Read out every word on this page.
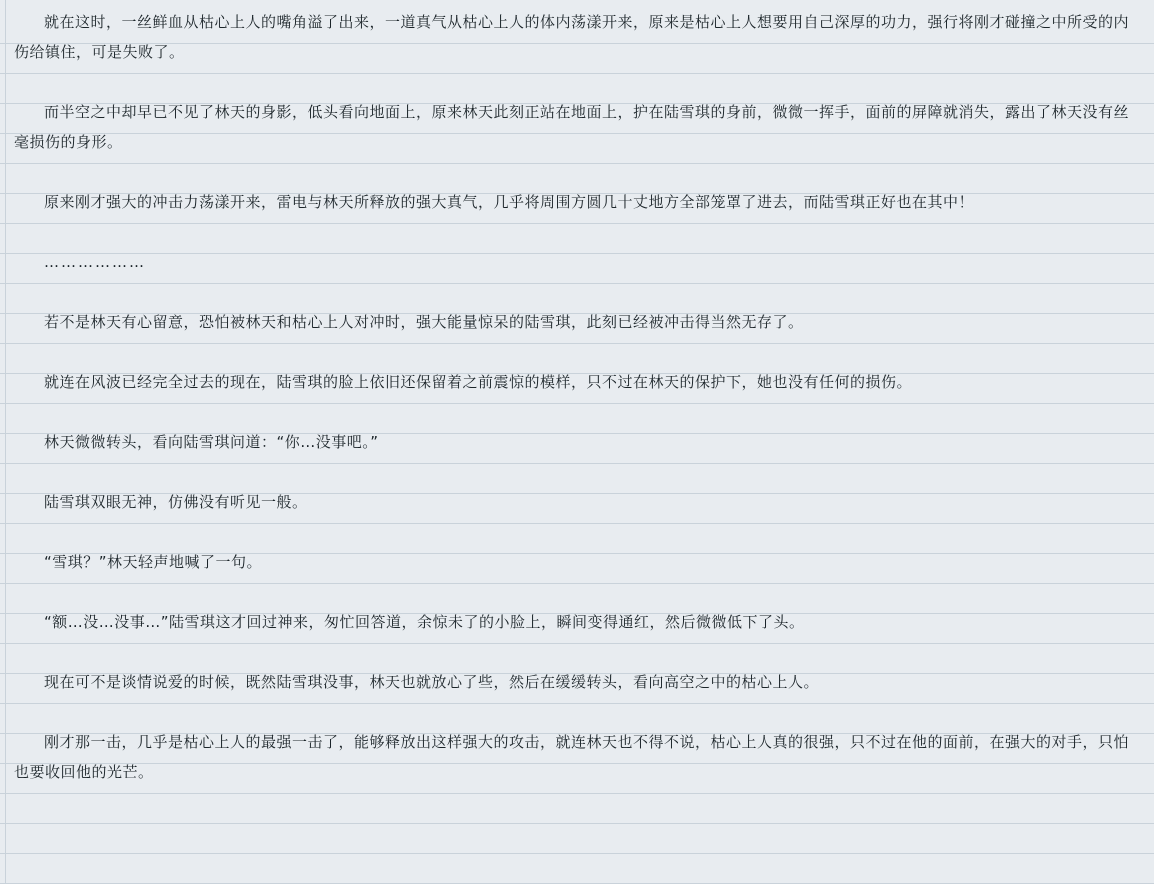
就在这时，一丝鲜血从枯心上人的嘴角溢了出来，一道真气从枯心上人的体内荡漾开来，原来是枯心上人想要用自己深厚的功力，强行将刚才碰撞之中所受的内伤给镇住，可是失败了。

而半空之中却早已不见了林天的身影，低头看向地面上，原来林天此刻正站在地面上，护在陆雪琪的身前，微微一挥手，面前的屏障就消失，露出了林天没有丝毫损伤的身形。

原来刚才强大的冲击力荡漾开来，雷电与林天所释放的强大真气，几乎将周围方圆几十丈地方全部笼罩了进去，而陆雪琪正好也在其中！

………………

若不是林天有心留意，恐怕被林天和枯心上人对冲时，强大能量惊呆的陆雪琪，此刻已经被冲击得当然无存了。

就连在风波已经完全过去的现在，陆雪琪的脸上依旧还保留着之前震惊的模样，只不过在林天的保护下，她也没有任何的损伤。

林天微微转头，看向陆雪琪问道：“你…没事吧。”

陆雪琪双眼无神，仿佛没有听见一般。

“雪琪？”林天轻声地喊了一句。

“额…没…没事…”陆雪琪这才回过神来，匆忙回答道，余惊未了的小脸上，瞬间变得通红，然后微微低下了头。

现在可不是谈情说爱的时候，既然陆雪琪没事，林天也就放心了些，然后在缓缓转头，看向高空之中的枯心上人。

刚才那一击，几乎是枯心上人的最强一击了，能够释放出这样强大的攻击，就连林天也不得不说，枯心上人真的很强，只不过在他的面前，在强大的对手，只怕也要收回他的光芒。
